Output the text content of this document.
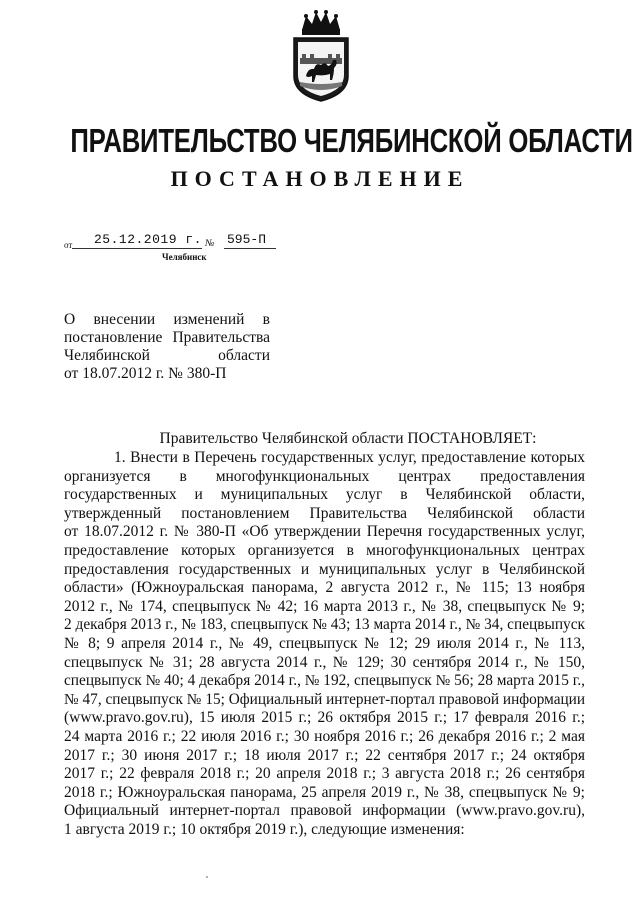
ПРАВИТЕЛЬСТВО ЧЕЛЯБИНСКОЙ ОБЛАСТИ
ПОСТАНОВЛЕНИЕ
от 25.12.2019 г. № 595-П
Челябинск
О внесении изменений в
постановление Правительства
Челябинской области
от 18.07.2012 г. № 380-П
Правительство Челябинской области ПОСТАНОВЛЯЕТ:
1. Внести в Перечень государственных услуг, предоставление которых
организуется в многофункциональных центрах предоставления
государственных и муниципальных услуг в Челябинской области,
утвержденный постановлением Правительства Челябинской области
от 18.07.2012 г. № 380-П «Об утверждении Перечня государственных услуг,
предоставление которых организуется в многофункциональных центрах
предоставления государственных и муниципальных услуг в Челябинской
области» (Южноуральская панорама, 2 августа 2012 г., № 115; 13 ноября
2012 г., № 174, спецвыпуск № 42; 16 марта 2013 г., № 38, спецвыпуск № 9;
2 декабря 2013 г., № 183, спецвыпуск № 43; 13 марта 2014 г., № 34, спецвыпуск
№ 8; 9 апреля 2014 г., № 49, спецвыпуск № 12; 29 июля 2014 г., № 113,
спецвыпуск № 31; 28 августа 2014 г., № 129; 30 сентября 2014 г., № 150,
спецвыпуск № 40; 4 декабря 2014 г., № 192, спецвыпуск № 56; 28 марта 2015 г.,
№ 47, спецвыпуск № 15; Официальный интернет-портал правовой информации
(www.pravo.gov.ru), 15 июля 2015 г.; 26 октября 2015 г.; 17 февраля 2016 г.;
24 марта 2016 г.; 22 июля 2016 г.; 30 ноября 2016 г.; 26 декабря 2016 г.; 2 мая
2017 г.; 30 июня 2017 г.; 18 июля 2017 г.; 22 сентября 2017 г.; 24 октября
2017 г.; 22 февраля 2018 г.; 20 апреля 2018 г.; 3 августа 2018 г.; 26 сентября
2018 г.; Южноуральская панорама, 25 апреля 2019 г., № 38, спецвыпуск № 9;
Официальный интернет-портал правовой информации (www.pravo.gov.ru),
1 августа 2019 г.; 10 октября 2019 г.), следующие изменения:
